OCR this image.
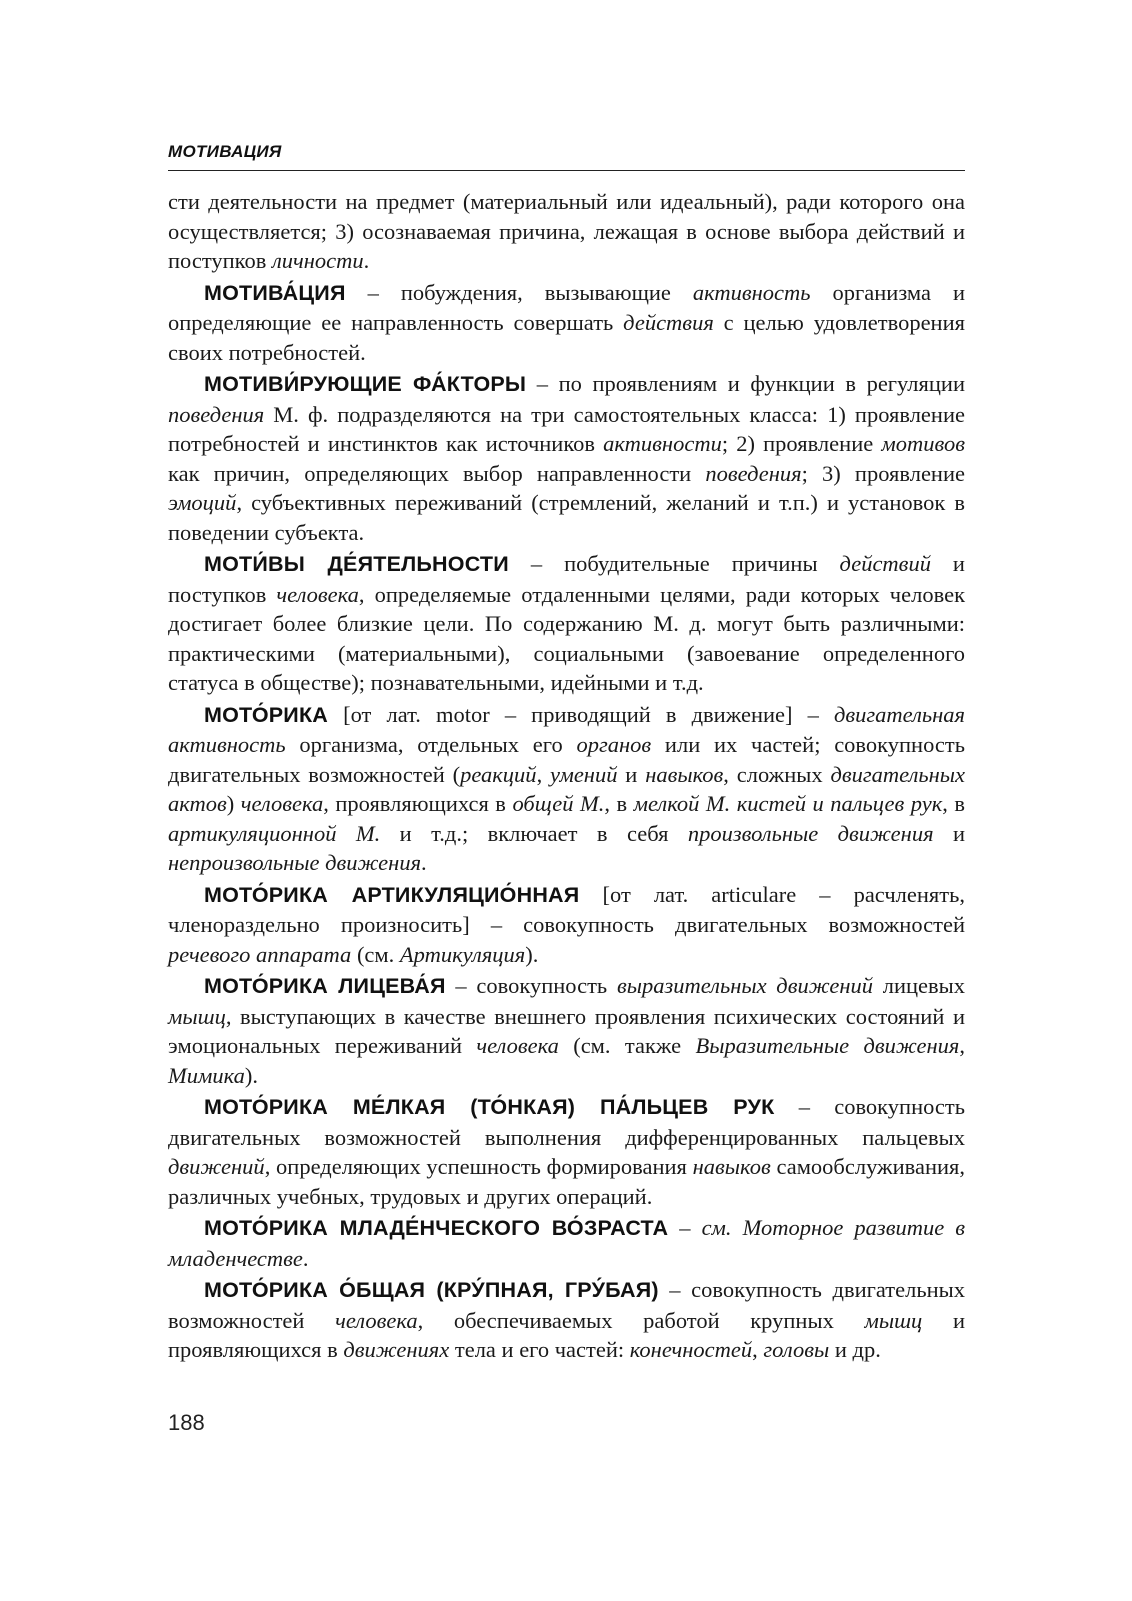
МОТИВАЦИЯ

сти деятельности на предмет (материальный или идеальный), ради которого она осуществляется; 3) осознаваемая причина, лежащая в основе выбора действий и поступков личности.

МОТИВА́ЦИЯ – побуждения, вызывающие активность организма и определяющие ее направленность совершать действия с целью удовлетворения своих потребностей.

МОТИВИ́РУЮЩИЕ ФА́КТОРЫ – по проявлениям и функции в регуляции поведения М. ф. подразделяются на три самостоятельных класса: 1) проявление потребностей и инстинктов как источников активности; 2) проявление мотивов как причин, определяющих выбор направленности поведения; 3) проявление эмоций, субъективных переживаний (стремлений, желаний и т.п.) и установок в поведении субъекта.

МОТИ́ВЫ ДЕ́ЯТЕЛЬНОСТИ – побудительные причины действий и поступков человека, определяемые отдаленными целями, ради которых человек достигает более близкие цели. По содержанию М. д. могут быть различными: практическими (материальными), социальными (завоевание определенного статуса в обществе); познавательными, идейными и т.д.

МОТО́РИКА [от лат. motor – приводящий в движение] – двигательная активность организма, отдельных его органов или их частей; совокупность двигательных возможностей (реакций, умений и навыков, сложных двигательных актов) человека, проявляющихся в общей М., в мелкой М. кистей и пальцев рук, в артикуляционной М. и т.д.; включает в себя произвольные движения и непроизвольные движения.

МОТО́РИКА АРТИКУЛЯЦИО́ННАЯ [от лат. articulare – расчленять, членораздельно произносить] – совокупность двигательных возможностей речевого аппарата (см. Артикуляция).

МОТО́РИКА ЛИЦЕВА́Я – совокупность выразительных движений лицевых мышц, выступающих в качестве внешнего проявления психических состояний и эмоциональных переживаний человека (см. также Выразительные движения, Мимика).

МОТО́РИКА МЕ́ЛКАЯ (ТО́НКАЯ) ПА́ЛЬЦЕВ РУК – совокупность двигательных возможностей выполнения дифференцированных пальцевых движений, определяющих успешность формирования навыков самообслуживания, различных учебных, трудовых и других операций.

МОТО́РИКА МЛАДЕ́НЧЕСКОГО ВО́ЗРАСТА – см. Моторное развитие в младенчестве.

МОТО́РИКА О́БЩАЯ (КРУ́ПНАЯ, ГРУ́БАЯ) – совокупность двигательных возможностей человека, обеспечиваемых работой крупных мышц и проявляющихся в движениях тела и его частей: конечностей, головы и др.

188
